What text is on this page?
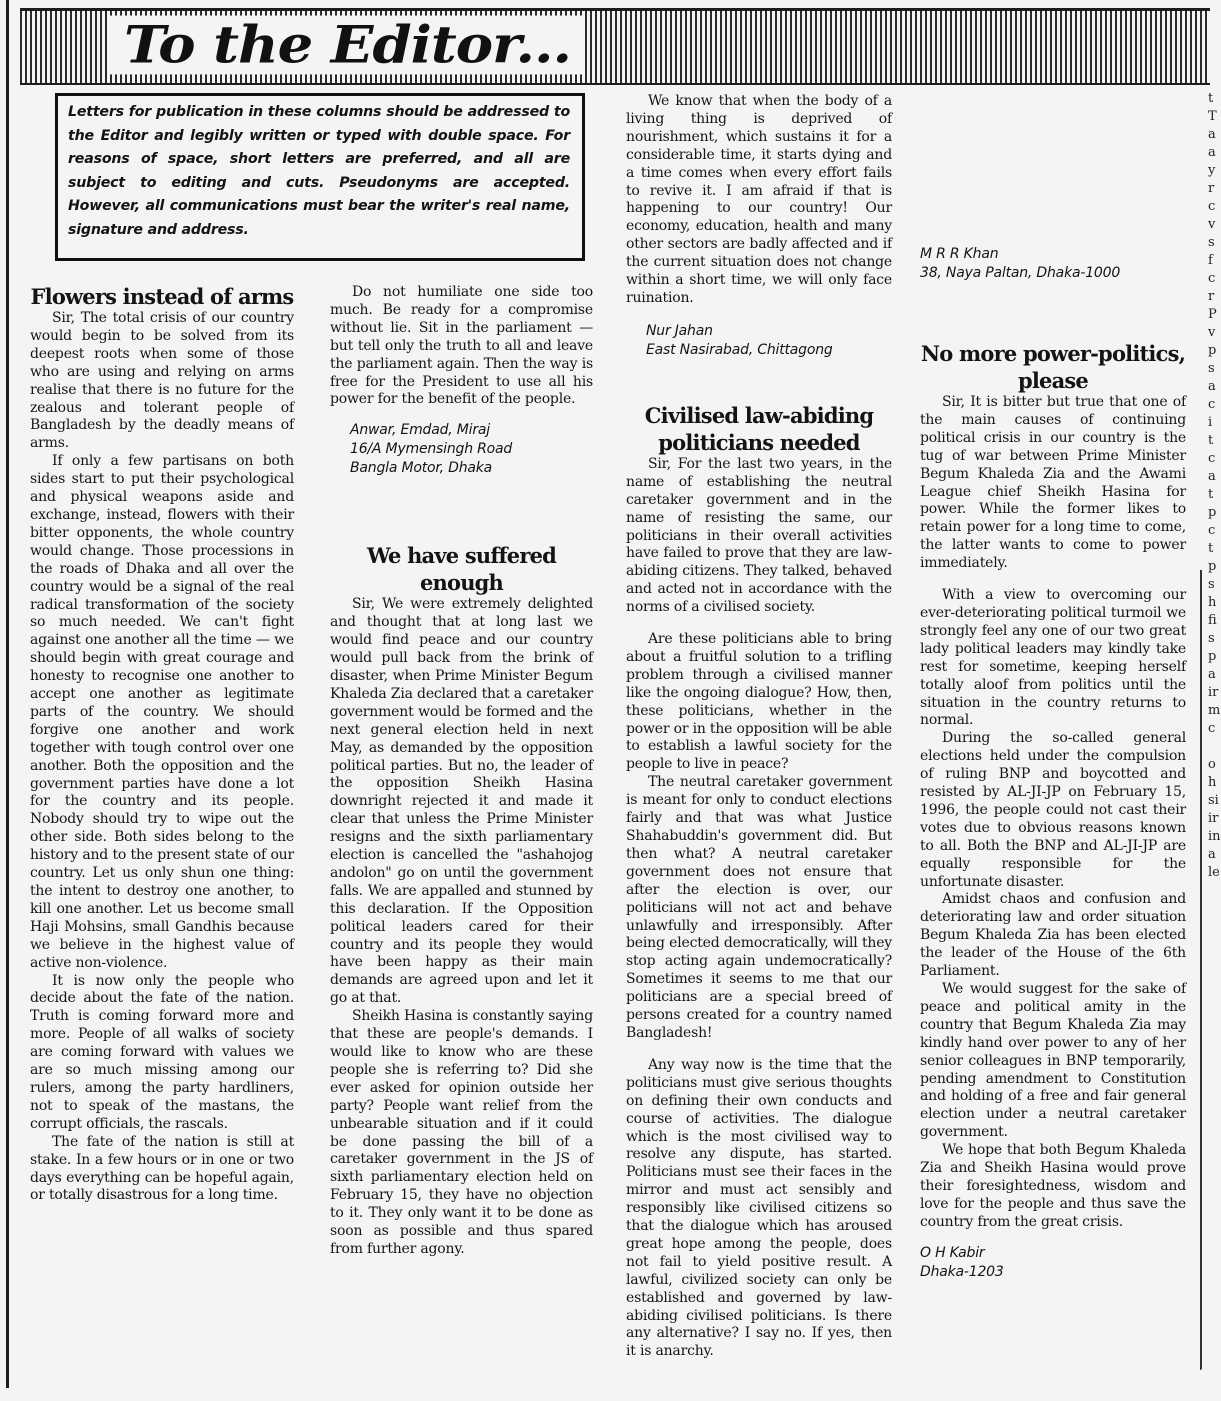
To the Editor...

Letters for publication in these columns should be addressed to the Editor and legibly written or typed with double space. For reasons of space, short letters are preferred, and all are subject to editing and cuts. Pseudonyms are accepted. However, all communications must bear the writer's real name, signature and address.

Flowers instead of arms

Sir, The total crisis of our country would begin to be solved from its deepest roots when some of those who are using and relying on arms realise that there is no future for the zealous and tolerant people of Bangladesh by the deadly means of arms.

If only a few partisans on both sides start to put their psychological and physical weapons aside and exchange, instead, flowers with their bitter opponents, the whole country would change. Those processions in the roads of Dhaka and all over the country would be a signal of the real radical transformation of the society so much needed. We can't fight against one another all the time — we should begin with great courage and honesty to recognise one another to accept one another as legitimate parts of the country. We should forgive one another and work together with tough control over one another. Both the opposition and the government parties have done a lot for the country and its people. Nobody should try to wipe out the other side. Both sides belong to the history and to the present state of our country. Let us only shun one thing: the intent to destroy one another, to kill one another. Let us become small Haji Mohsins, small Gandhis because we believe in the highest value of active non-violence.

It is now only the people who decide about the fate of the nation. Truth is coming forward more and more. People of all walks of society are coming forward with values we are so much missing among our rulers, among the party hardliners, not to speak of the mastans, the corrupt officials, the rascals.

The fate of the nation is still at stake. In a few hours or in one or two days everything can be hopeful again, or totally disastrous for a long time.

Do not humiliate one side too much. Be ready for a compromise without lie. Sit in the parliament — but tell only the truth to all and leave the parliament again. Then the way is free for the President to use all his power for the benefit of the people.

Anwar, Emdad, Miraj
16/A Mymensingh Road
Bangla Motor, Dhaka
We have suffered enough

Sir, We were extremely delighted and thought that at long last we would find peace and our country would pull back from the brink of disaster, when Prime Minister Begum Khaleda Zia declared that a caretaker government would be formed and the next general election held in next May, as demanded by the opposition political parties. But no, the leader of the opposition Sheikh Hasina downright rejected it and made it clear that unless the Prime Minister resigns and the sixth parliamentary election is cancelled the "ashahojog andolon" go on until the government falls. We are appalled and stunned by this declaration. If the Opposition political leaders cared for their country and its people they would have been happy as their main demands are agreed upon and let it go at that.

Sheikh Hasina is constantly saying that these are people's demands. I would like to know who are these people she is referring to? Did she ever asked for opinion outside her party? People want relief from the unbearable situation and if it could be done passing the bill of a caretaker government in the JS of sixth parliamentary election held on February 15, they have no objection to it. They only want it to be done as soon as possible and thus spared from further agony.

We know that when the body of a living thing is deprived of nourishment, which sustains it for a considerable time, it starts dying and a time comes when every effort fails to revive it. I am afraid if that is happening to our country! Our economy, education, health and many other sectors are badly affected and if the current situation does not change within a short time, we will only face ruination.

Nur Jahan
East Nasirabad, Chittagong
Civilised law-abiding politicians needed

Sir, For the last two years, in the name of establishing the neutral caretaker government and in the name of resisting the same, our politicians in their overall activities have failed to prove that they are law-abiding citizens. They talked, behaved and acted not in accordance with the norms of a civilised society.

Are these politicians able to bring about a fruitful solution to a trifling problem through a civilised manner like the ongoing dialogue? How, then, these politicians, whether in the power or in the opposition will be able to establish a lawful society for the people to live in peace?

The neutral caretaker government is meant for only to conduct elections fairly and that was what Justice Shahabuddin's government did. But then what? A neutral caretaker government does not ensure that after the election is over, our politicians will not act and behave unlawfully and irresponsibly. After being elected democratically, will they stop acting again undemocratically? Sometimes it seems to me that our politicians are a special breed of persons created for a country named Bangladesh!

Any way now is the time that the politicians must give serious thoughts on defining their own conducts and course of activities. The dialogue which is the most civilised way to resolve any dispute, has started. Politicians must see their faces in the mirror and must act sensibly and responsibly like civilised citizens so that the dialogue which has aroused great hope among the people, does not fail to yield positive result. A lawful, civilized society can only be established and governed by law-abiding civilised politicians. Is there any alternative? I say no. If yes, then it is anarchy.

No more power-politics, please

Sir, It is bitter but true that one of the main causes of continuing political crisis in our country is the tug of war between Prime Minister Begum Khaleda Zia and the Awami League chief Sheikh Hasina for power. While the former likes to retain power for a long time to come, the latter wants to come to power immediately.

With a view to overcoming our ever-deteriorating political turmoil we strongly feel any one of our two great lady political leaders may kindly take rest for sometime, keeping herself totally aloof from politics until the situation in the country returns to normal.

During the so-called general elections held under the compulsion of ruling BNP and boycotted and resisted by AL-JI-JP on February 15, 1996, the people could not cast their votes due to obvious reasons known to all. Both the BNP and AL-JI-JP are equally responsible for the unfortunate disaster.

Amidst chaos and confusion and deteriorating law and order situation Begum Khaleda Zia has been elected the leader of the House of the 6th Parliament.

We would suggest for the sake of peace and political amity in the country that Begum Khaleda Zia may kindly hand over power to any of her senior colleagues in BNP temporarily, pending amendment to Constitution and holding of a free and fair general election under a neutral caretaker government.

We hope that both Begum Khaleda Zia and Sheikh Hasina would prove their foresightedness, wisdom and love for the people and thus save the country from the great crisis.

O H Kabir
Dhaka-1203
M R R Khan
38, Naya Paltan, Dhaka-1000
t
T
a
a
y
r
c
v
s
f
c
r
P
v
p
s
a
c
i
t
c
a
t
p
c
t
p
s
h
fi
s
p
a
ir
m
c

o
h
si
ir
in
a
le
